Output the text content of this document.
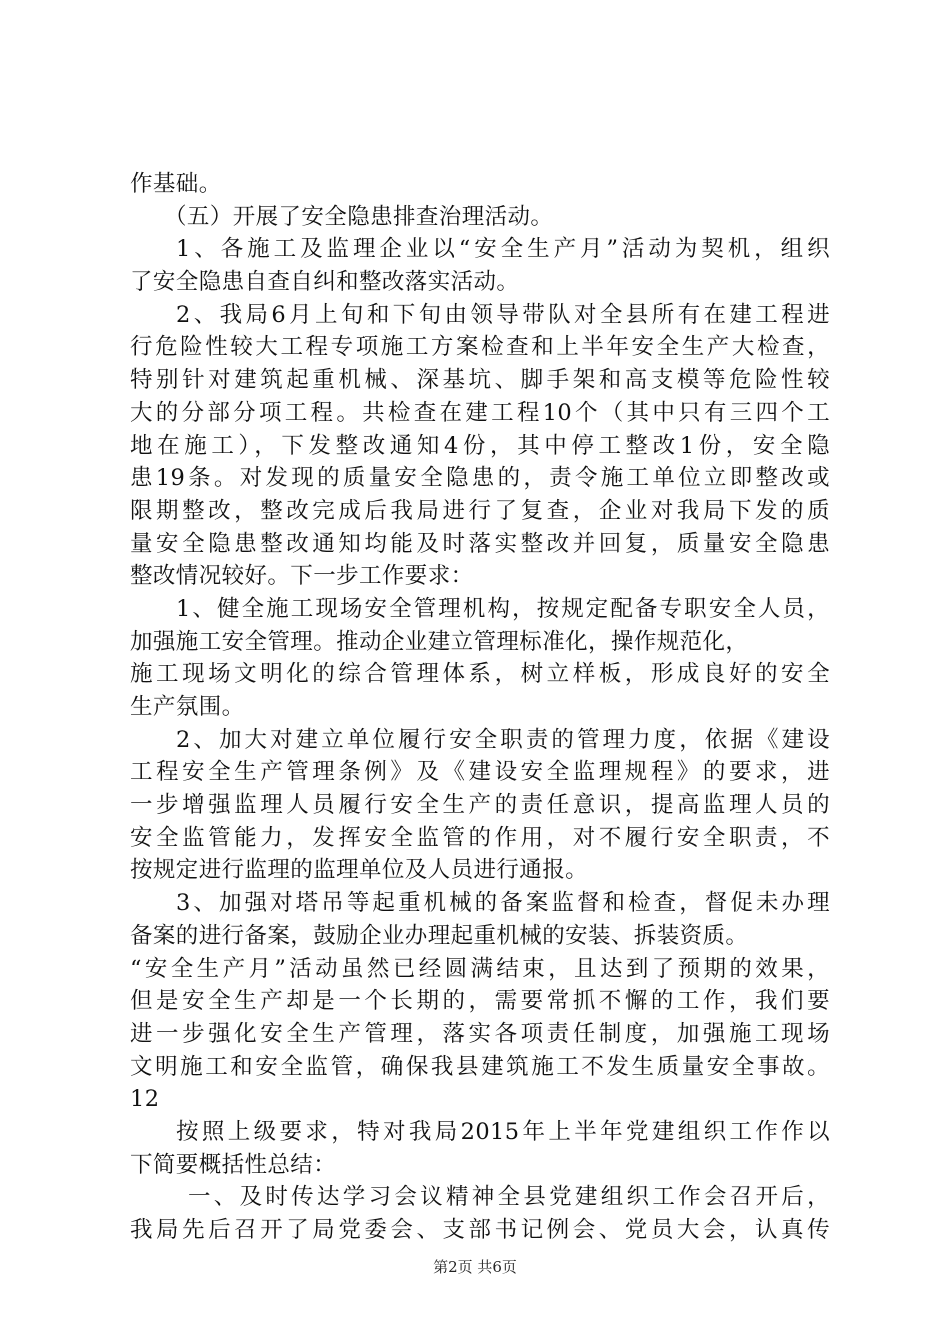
作基础。
（五）开展了安全隐患排查治理活动。
1、各施工及监理企业以“安全生产月”活动为契机，组织
了安全隐患自查自纠和整改落实活动。
2、我局6月上旬和下旬由领导带队对全县所有在建工程进
行危险性较大工程专项施工方案检查和上半年安全生产大检查，
特别针对建筑起重机械、深基坑、脚手架和高支模等危险性较
大的分部分项工程。共检查在建工程10个（其中只有三四个工
地在施工），下发整改通知4份，其中停工整改1份，安全隐
患19条。对发现的质量安全隐患的，责令施工单位立即整改或
限期整改，整改完成后我局进行了复查，企业对我局下发的质
量安全隐患整改通知均能及时落实整改并回复，质量安全隐患
整改情况较好。下一步工作要求：
1、健全施工现场安全管理机构，按规定配备专职安全人员，
加强施工安全管理。推动企业建立管理标准化，操作规范化，
施工现场文明化的综合管理体系，树立样板，形成良好的安全
生产氛围。
2、加大对建立单位履行安全职责的管理力度，依据《建设
工程安全生产管理条例》及《建设安全监理规程》的要求，进
一步增强监理人员履行安全生产的责任意识，提高监理人员的
安全监管能力，发挥安全监管的作用，对不履行安全职责，不
按规定进行监理的监理单位及人员进行通报。
3、加强对塔吊等起重机械的备案监督和检查，督促未办理
备案的进行备案，鼓励企业办理起重机械的安装、拆装资质。
“安全生产月”活动虽然已经圆满结束，且达到了预期的效果，
但是安全生产却是一个长期的，需要常抓不懈的工作，我们要
进一步强化安全生产管理，落实各项责任制度，加强施工现场
文明施工和安全监管，确保我县建筑施工不发生质量安全事故。
12
按照上级要求，特对我局2015年上半年党建组织工作作以
下简要概括性总结：
一、及时传达学习会议精神全县党建组织工作会召开后，
我局先后召开了局党委会、支部书记例会、党员大会，认真传
第2页 共6页
